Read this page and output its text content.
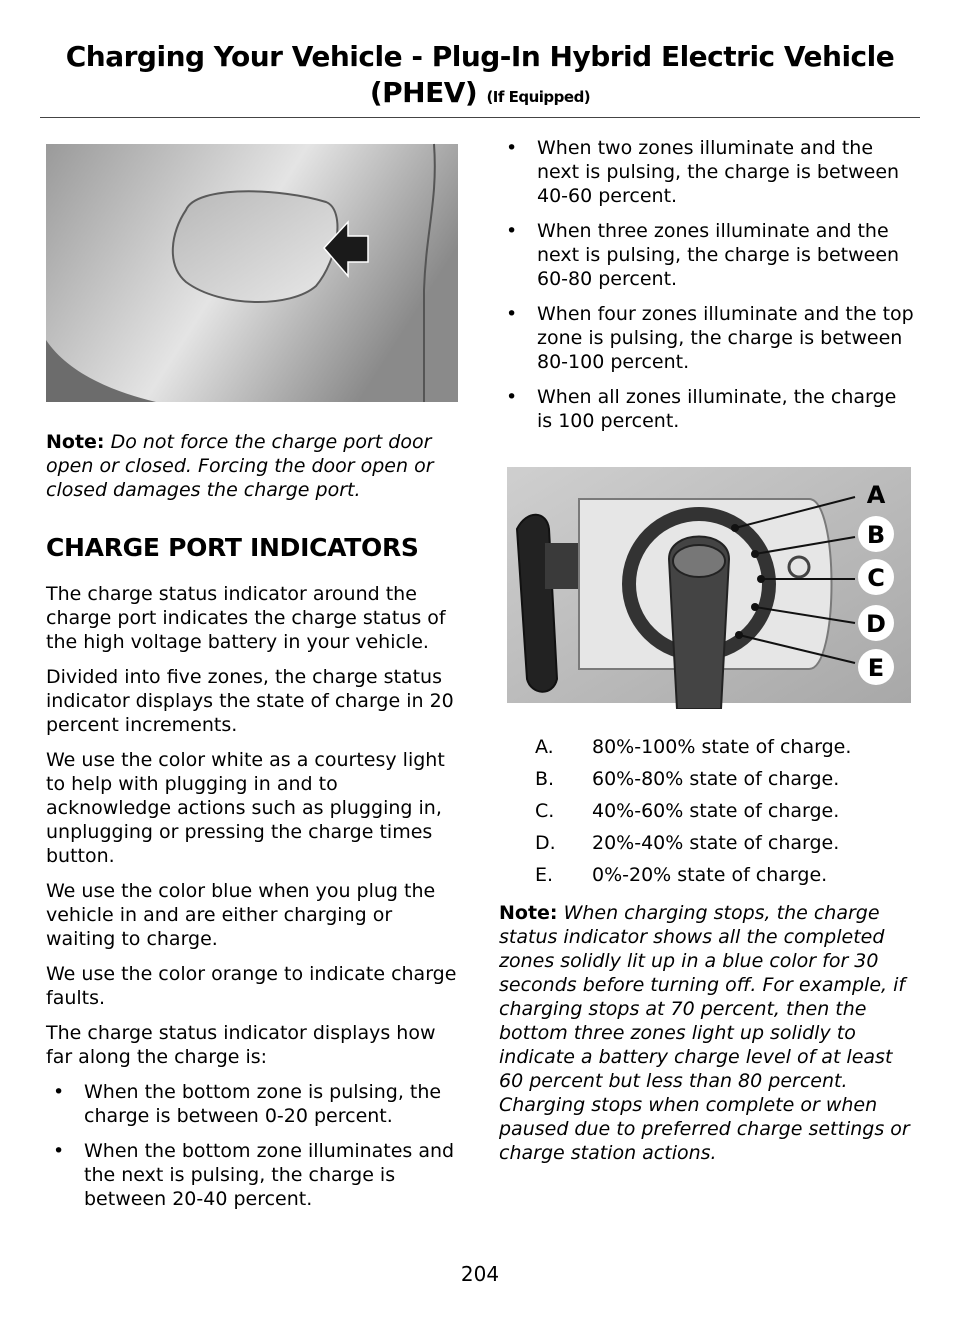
Charging Your Vehicle - Plug-In Hybrid Electric Vehicle
(PHEV) (If Equipped)

Note: Do not force the charge port door open or closed. Forcing the door open or closed damages the charge port.

CHARGE PORT INDICATORS

The charge status indicator around the charge port indicates the charge status of the high voltage battery in your vehicle.

Divided into five zones, the charge status indicator displays the state of charge in 20 percent increments.

We use the color white as a courtesy light to help with plugging in and to acknowledge actions such as plugging in, unplugging or pressing the charge times button.

We use the color blue when you plug the vehicle in and are either charging or waiting to charge.

We use the color orange to indicate charge faults.

The charge status indicator displays how far along the charge is:

• When the bottom zone is pulsing, the charge is between 0-20 percent.
• When the bottom zone illuminates and the next is pulsing, the charge is between 20-40 percent.
• When two zones illuminate and the next is pulsing, the charge is between 40-60 percent.
• When three zones illuminate and the next is pulsing, the charge is between 60-80 percent.
• When four zones illuminate and the top zone is pulsing, the charge is between 80-100 percent.
• When all zones illuminate, the charge is 100 percent.
A
B
C
D
E
A. 80%-100% state of charge.
B. 60%-80% state of charge.
C. 40%-60% state of charge.
D. 20%-40% state of charge.
E. 0%-20% state of charge.

Note: When charging stops, the charge status indicator shows all the completed zones solidly lit up in a blue color for 30 seconds before turning off. For example, if charging stops at 70 percent, then the bottom three zones light up solidly to indicate a battery charge level of at least 60 percent but less than 80 percent. Charging stops when complete or when paused due to preferred charge settings or charge station actions.

204
